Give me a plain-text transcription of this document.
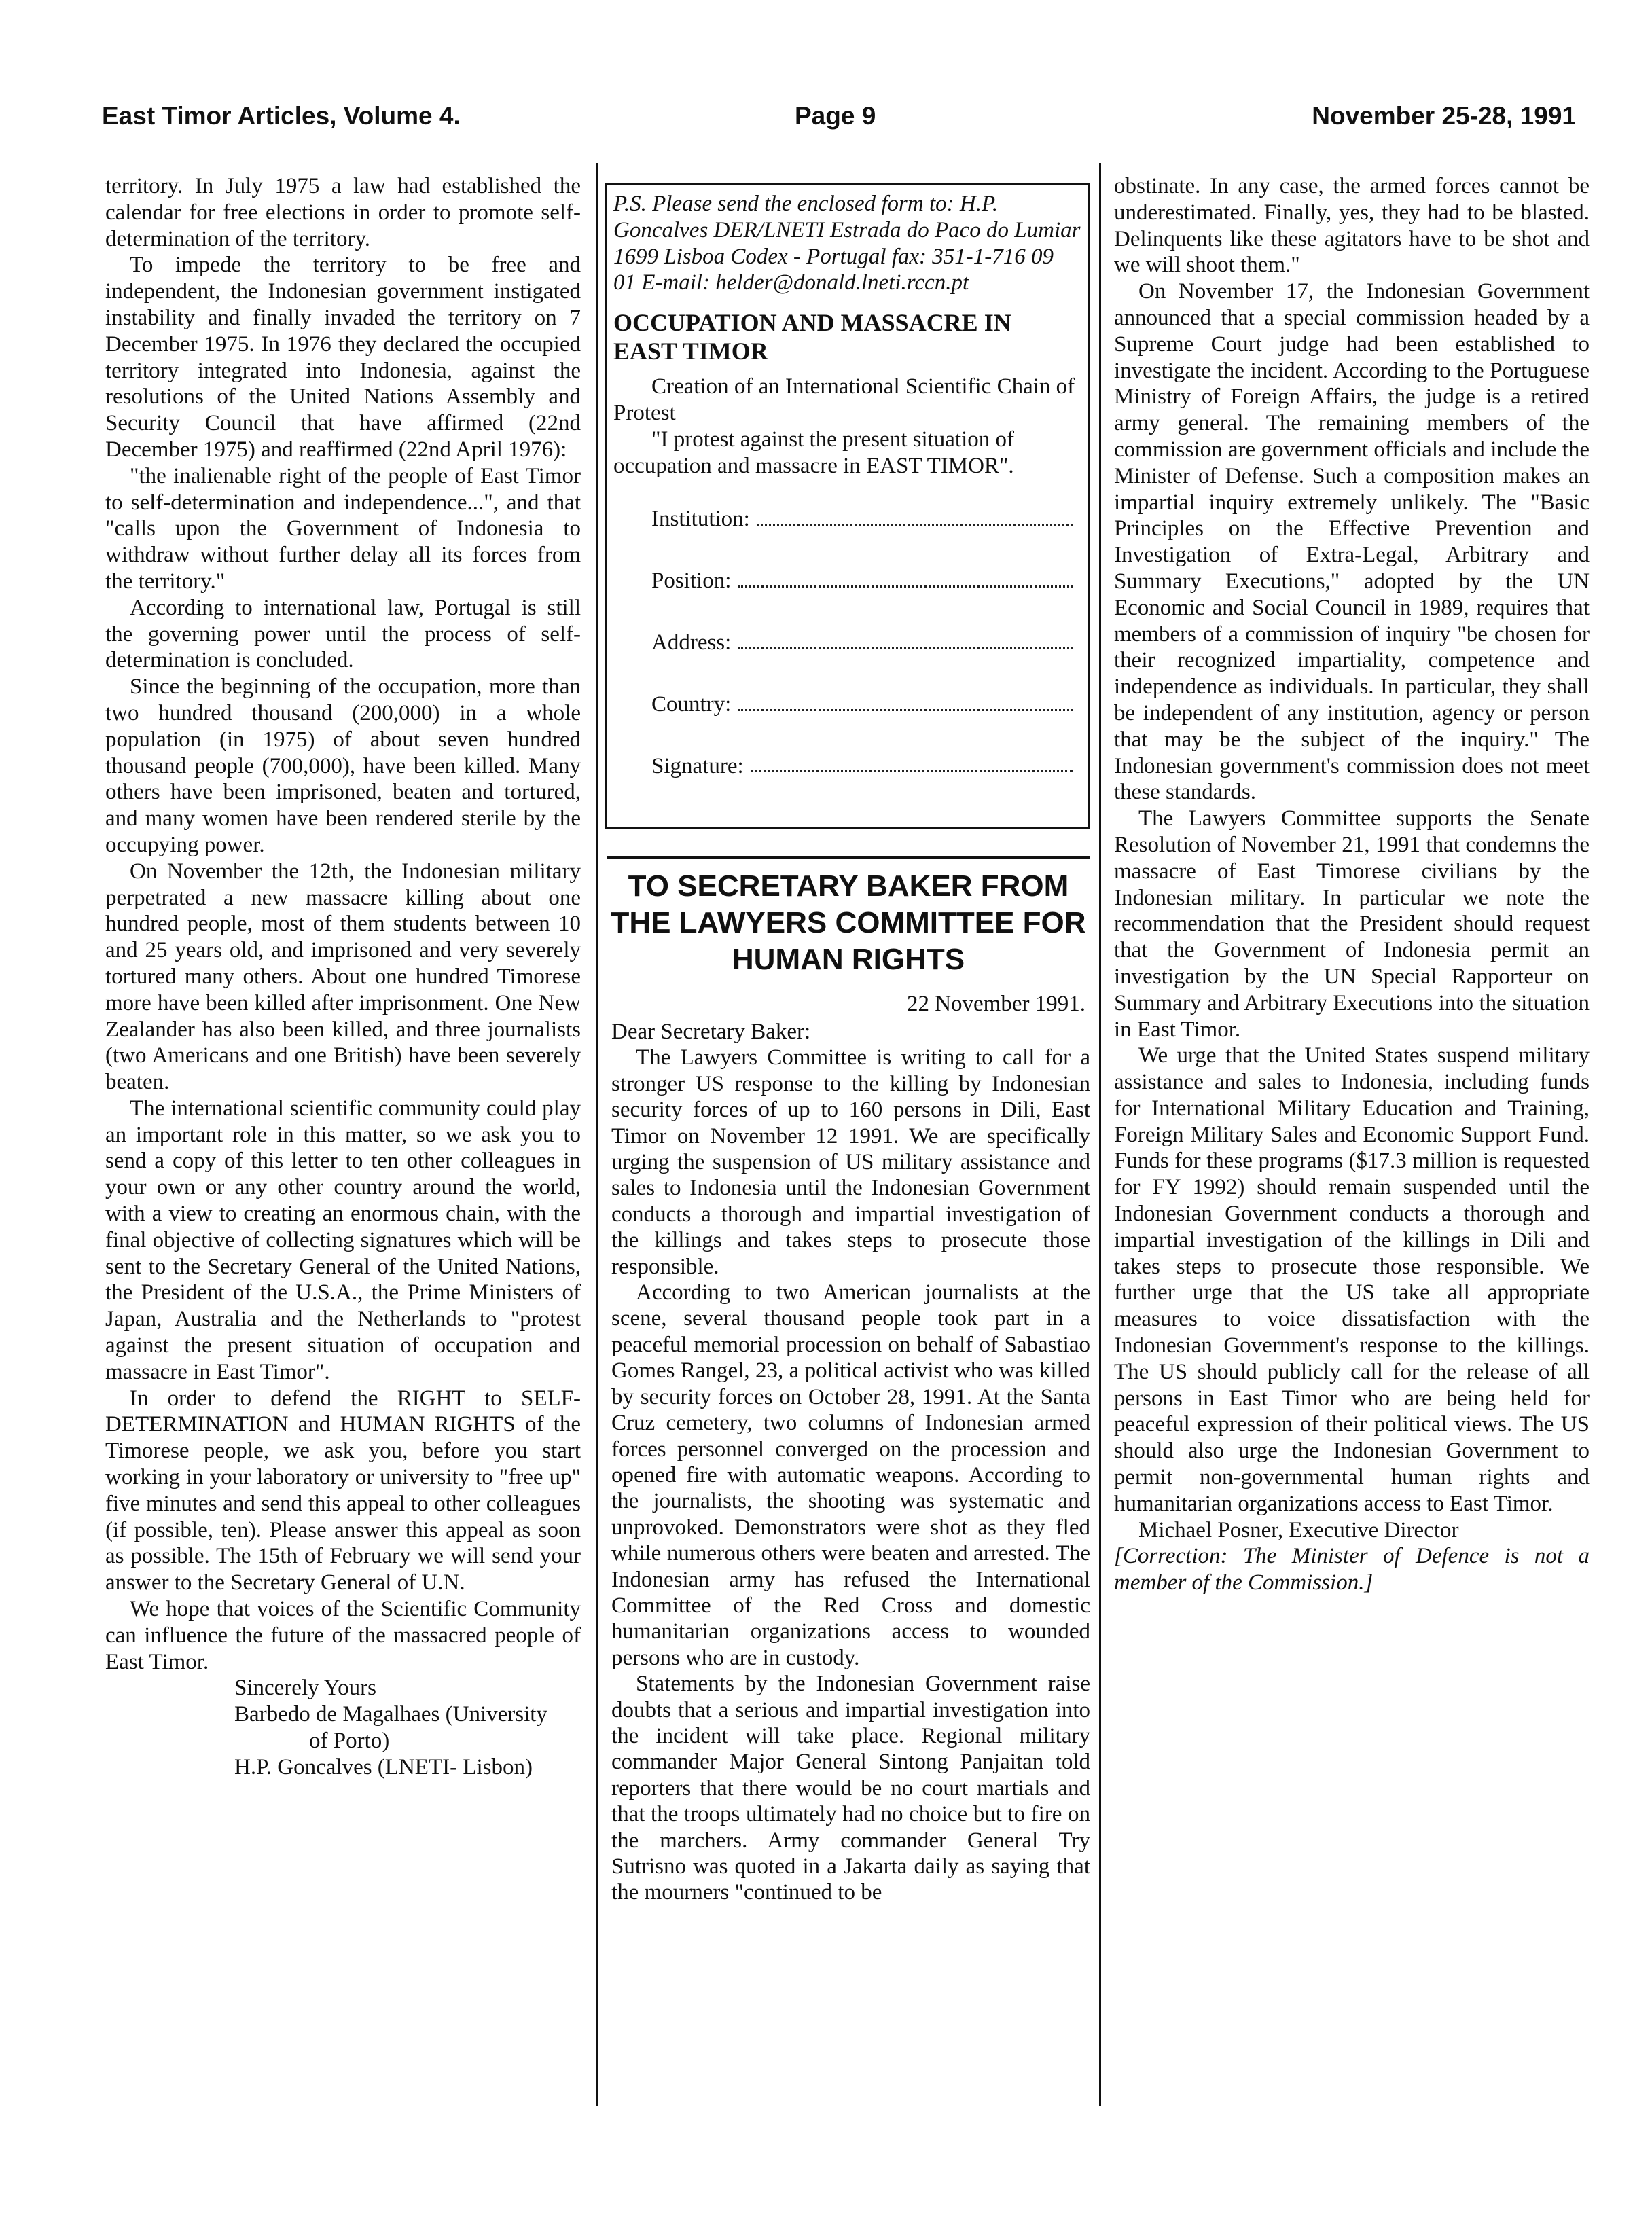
East Timor Articles, Volume 4.	Page 9	November 25-28, 1991

territory. In July 1975 a law had established the calendar for free elections in order to promote self-determination of the territory.

To impede the territory to be free and independent, the Indonesian government instigated instability and finally invaded the territory on 7 December 1975. In 1976 they declared the occupied territory integrated into Indonesia, against the resolutions of the United Nations Assembly and Security Council that have affirmed (22nd December 1975) and reaffirmed (22nd April 1976):

"the inalienable right of the people of East Timor to self-determination and independence...", and that "calls upon the Government of Indonesia to withdraw without further delay all its forces from the territory."

According to international law, Portugal is still the governing power until the process of self-determination is concluded.

Since the beginning of the occupation, more than two hundred thousand (200,000) in a whole population (in 1975) of about seven hundred thousand people (700,000), have been killed. Many others have been imprisoned, beaten and tortured, and many women have been rendered sterile by the occupying power.

On November the 12th, the Indonesian military perpetrated a new massacre killing about one hundred people, most of them students between 10 and 25 years old, and imprisoned and very severely tortured many others. About one hundred Timorese more have been killed after imprisonment. One New Zealander has also been killed, and three journalists (two Americans and one British) have been severely beaten.

The international scientific community could play an important role in this matter, so we ask you to send a copy of this letter to ten other colleagues in your own or any other country around the world, with a view to creating an enormous chain, with the final objective of collecting signatures which will be sent to the Secretary General of the United Nations, the President of the U.S.A., the Prime Ministers of Japan, Australia and the Netherlands to "protest against the present situation of occupation and massacre in East Timor".

In order to defend the RIGHT to SELF-DETERMINATION and HUMAN RIGHTS of the Timorese people, we ask you, before you start working in your laboratory or university to "free up" five minutes and send this appeal to other colleagues (if possible, ten). Please answer this appeal as soon as possible. The 15th of February we will send your answer to the Secretary General of U.N.

We hope that voices of the Scientific Community can influence the future of the massacred people of East Timor.

Sincerely Yours

Barbedo de Magalhaes (University

of Porto)

H.P. Goncalves (LNETI- Lisbon)

P.S. Please send the enclosed form to: H.P. Goncalves DER/LNETI Estrada do Paco do Lumiar 1699 Lisboa Codex - Portugal fax: 351-1-716 09 01 E-mail: helder@donald.lneti.rccn.pt

OCCUPATION AND MASSACRE IN EAST TIMOR

Creation of an International Scientific Chain of Protest

"I protest against the present situation of occupation and massacre in EAST TIMOR".

Institution:
Position:
Address:
Country:
Signature:
TO SECRETARY BAKER FROM THE LAWYERS COMMITTEE FOR HUMAN RIGHTS
22 November 1991.

Dear Secretary Baker:

The Lawyers Committee is writing to call for a stronger US response to the killing by Indonesian security forces of up to 160 persons in Dili, East Timor on November 12 1991. We are specifically urging the suspension of US military assistance and sales to Indonesia until the Indonesian Government conducts a thorough and impartial investigation of the killings and takes steps to prosecute those responsible.

According to two American journalists at the scene, several thousand people took part in a peaceful memorial procession on behalf of Sabastiao Gomes Rangel, 23, a political activist who was killed by security forces on October 28, 1991. At the Santa Cruz cemetery, two columns of Indonesian armed forces personnel converged on the procession and opened fire with automatic weapons. According to the journalists, the shooting was systematic and unprovoked. Demonstrators were shot as they fled while numerous others were beaten and arrested. The Indonesian army has refused the International Committee of the Red Cross and domestic humanitarian organizations access to wounded persons who are in custody.

Statements by the Indonesian Government raise doubts that a serious and impartial investigation into the incident will take place. Regional military commander Major General Sintong Panjaitan told reporters that there would be no court martials and that the troops ultimately had no choice but to fire on the marchers. Army commander General Try Sutrisno was quoted in a Jakarta daily as saying that the mourners "continued to be

obstinate. In any case, the armed forces cannot be underestimated. Finally, yes, they had to be blasted. Delinquents like these agitators have to be shot and we will shoot them."

On November 17, the Indonesian Government announced that a special commission headed by a Supreme Court judge had been established to investigate the incident. According to the Portuguese Ministry of Foreign Affairs, the judge is a retired army general. The remaining members of the commission are government officials and include the Minister of Defense. Such a composition makes an impartial inquiry extremely unlikely. The "Basic Principles on the Effective Prevention and Investigation of Extra-Legal, Arbitrary and Summary Executions," adopted by the UN Economic and Social Council in 1989, requires that members of a commission of inquiry "be chosen for their recognized impartiality, competence and independence as individuals. In particular, they shall be independent of any institution, agency or person that may be the subject of the inquiry." The Indonesian government's commission does not meet these standards.

The Lawyers Committee supports the Senate Resolution of November 21, 1991 that condemns the massacre of East Timorese civilians by the Indonesian military. In particular we note the recommendation that the President should request that the Government of Indonesia permit an investigation by the UN Special Rapporteur on Summary and Arbitrary Executions into the situation in East Timor.

We urge that the United States suspend military assistance and sales to Indonesia, including funds for International Military Education and Training, Foreign Military Sales and Economic Support Fund. Funds for these programs ($17.3 million is requested for FY 1992) should remain suspended until the Indonesian Government conducts a thorough and impartial investigation of the killings in Dili and takes steps to prosecute those responsible. We further urge that the US take all appropriate measures to voice dissatisfaction with the Indonesian Government's response to the killings. The US should publicly call for the release of all persons in East Timor who are being held for peaceful expression of their political views. The US should also urge the Indonesian Government to permit non-governmental human rights and humanitarian organizations access to East Timor.

Michael Posner, Executive Director

[Correction: The Minister of Defence is not a member of the Commission.]
